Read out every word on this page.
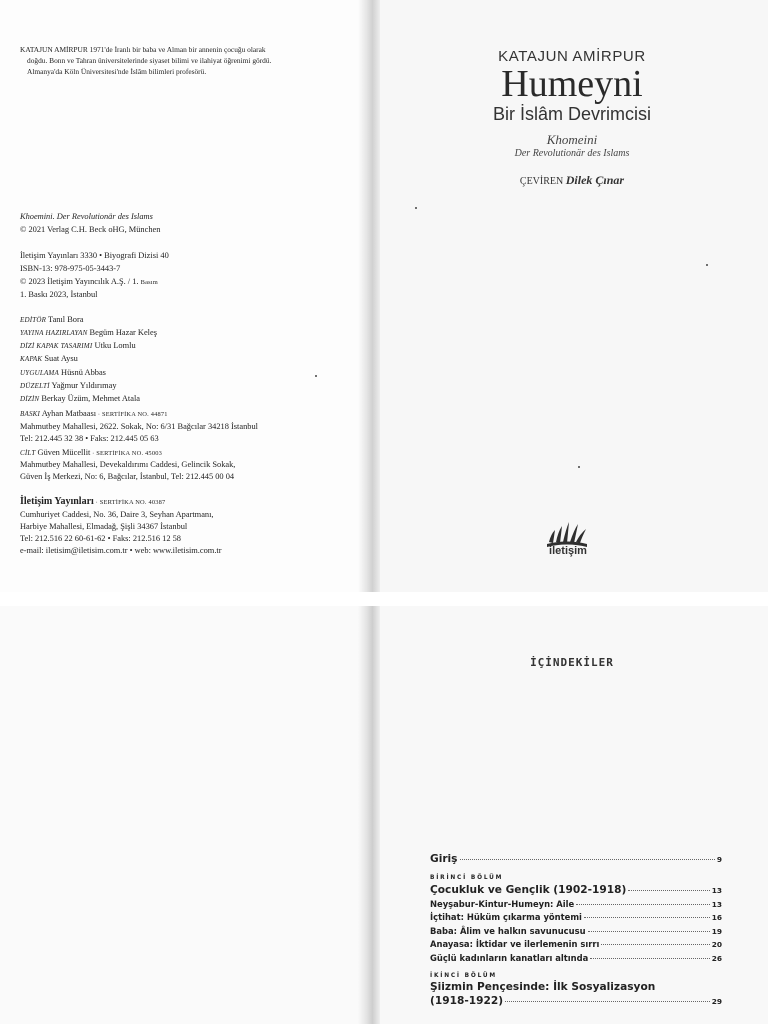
KATAJUN AMİRPUR 1971'de İranlı bir baba ve Alman bir annenin çocuğu olarak
doğdu. Bonn ve Tahran üniversitelerinde siyaset bilimi ve ilahiyat öğrenimi gördü.
Almanya'da Köln Üniversitesi'nde İslâm bilimleri profesörü.
Khoemini. Der Revolutionär des Islams
© 2021 Verlag C.H. Beck oHG, München
İletişim Yayınları 3330 • Biyografi Dizisi 40
ISBN-13: 978-975-05-3443-7
© 2023 İletişim Yayıncılık A.Ş. / 1. Basım
1. Baskı 2023, İstanbul
EDİTÖR Tanıl Bora
YAYINA HAZIRLAYAN Begüm Hazar Keleş
DİZİ KAPAK TASARIMI Utku Lomlu
KAPAK Suat Aysu
UYGULAMA Hüsnü Abbas
DÜZELTİ Yağmur Yıldırımay
DİZİN Berkay Üzüm, Mehmet Atala
BASKI Ayhan Matbaası · SERTİFİKA NO. 44871
Mahmutbey Mahallesi, 2622. Sokak, No: 6/31 Bağcılar 34218 İstanbul
Tel: 212.445 32 38 • Faks: 212.445 05 63
CİLT Güven Mücellit · SERTİFİKA NO. 45003
Mahmutbey Mahallesi, Devekaldırımı Caddesi, Gelincik Sokak,
Güven İş Merkezi, No: 6, Bağcılar, İstanbul, Tel: 212.445 00 04
İletişim Yayınları · SERTİFİKA NO. 40387
Cumhuriyet Caddesi, No. 36, Daire 3, Seyhan Apartmanı,
Harbiye Mahallesi, Elmadağ, Şişli 34367 İstanbul
Tel: 212.516 22 60-61-62 • Faks: 212.516 12 58
e-mail: iletisim@iletisim.com.tr • web: www.iletisim.com.tr
KATAJUN AMİRPUR
Humeyni
Bir İslâm Devrimcisi
Khomeini
Der Revolutionär des Islams
ÇEVİREN Dilek Çınar
iletişim
İÇİNDEKİLER
Giriş	9
BİRİNCİ BÖLÜM
Çocukluk ve Gençlik (1902-1918)	13
Neyşabur-Kintur-Humeyn: Aile	13
İçtihat: Hüküm çıkarma yöntemi	16
Baba: Âlim ve halkın savunucusu	19
Anayasa: İktidar ve ilerlemenin sırrı	20
Güçlü kadınların kanatları altında	26
İKİNCİ BÖLÜM
Şiizmin Pençesinde: İlk Sosyalizasyon
(1918-1922)	29
